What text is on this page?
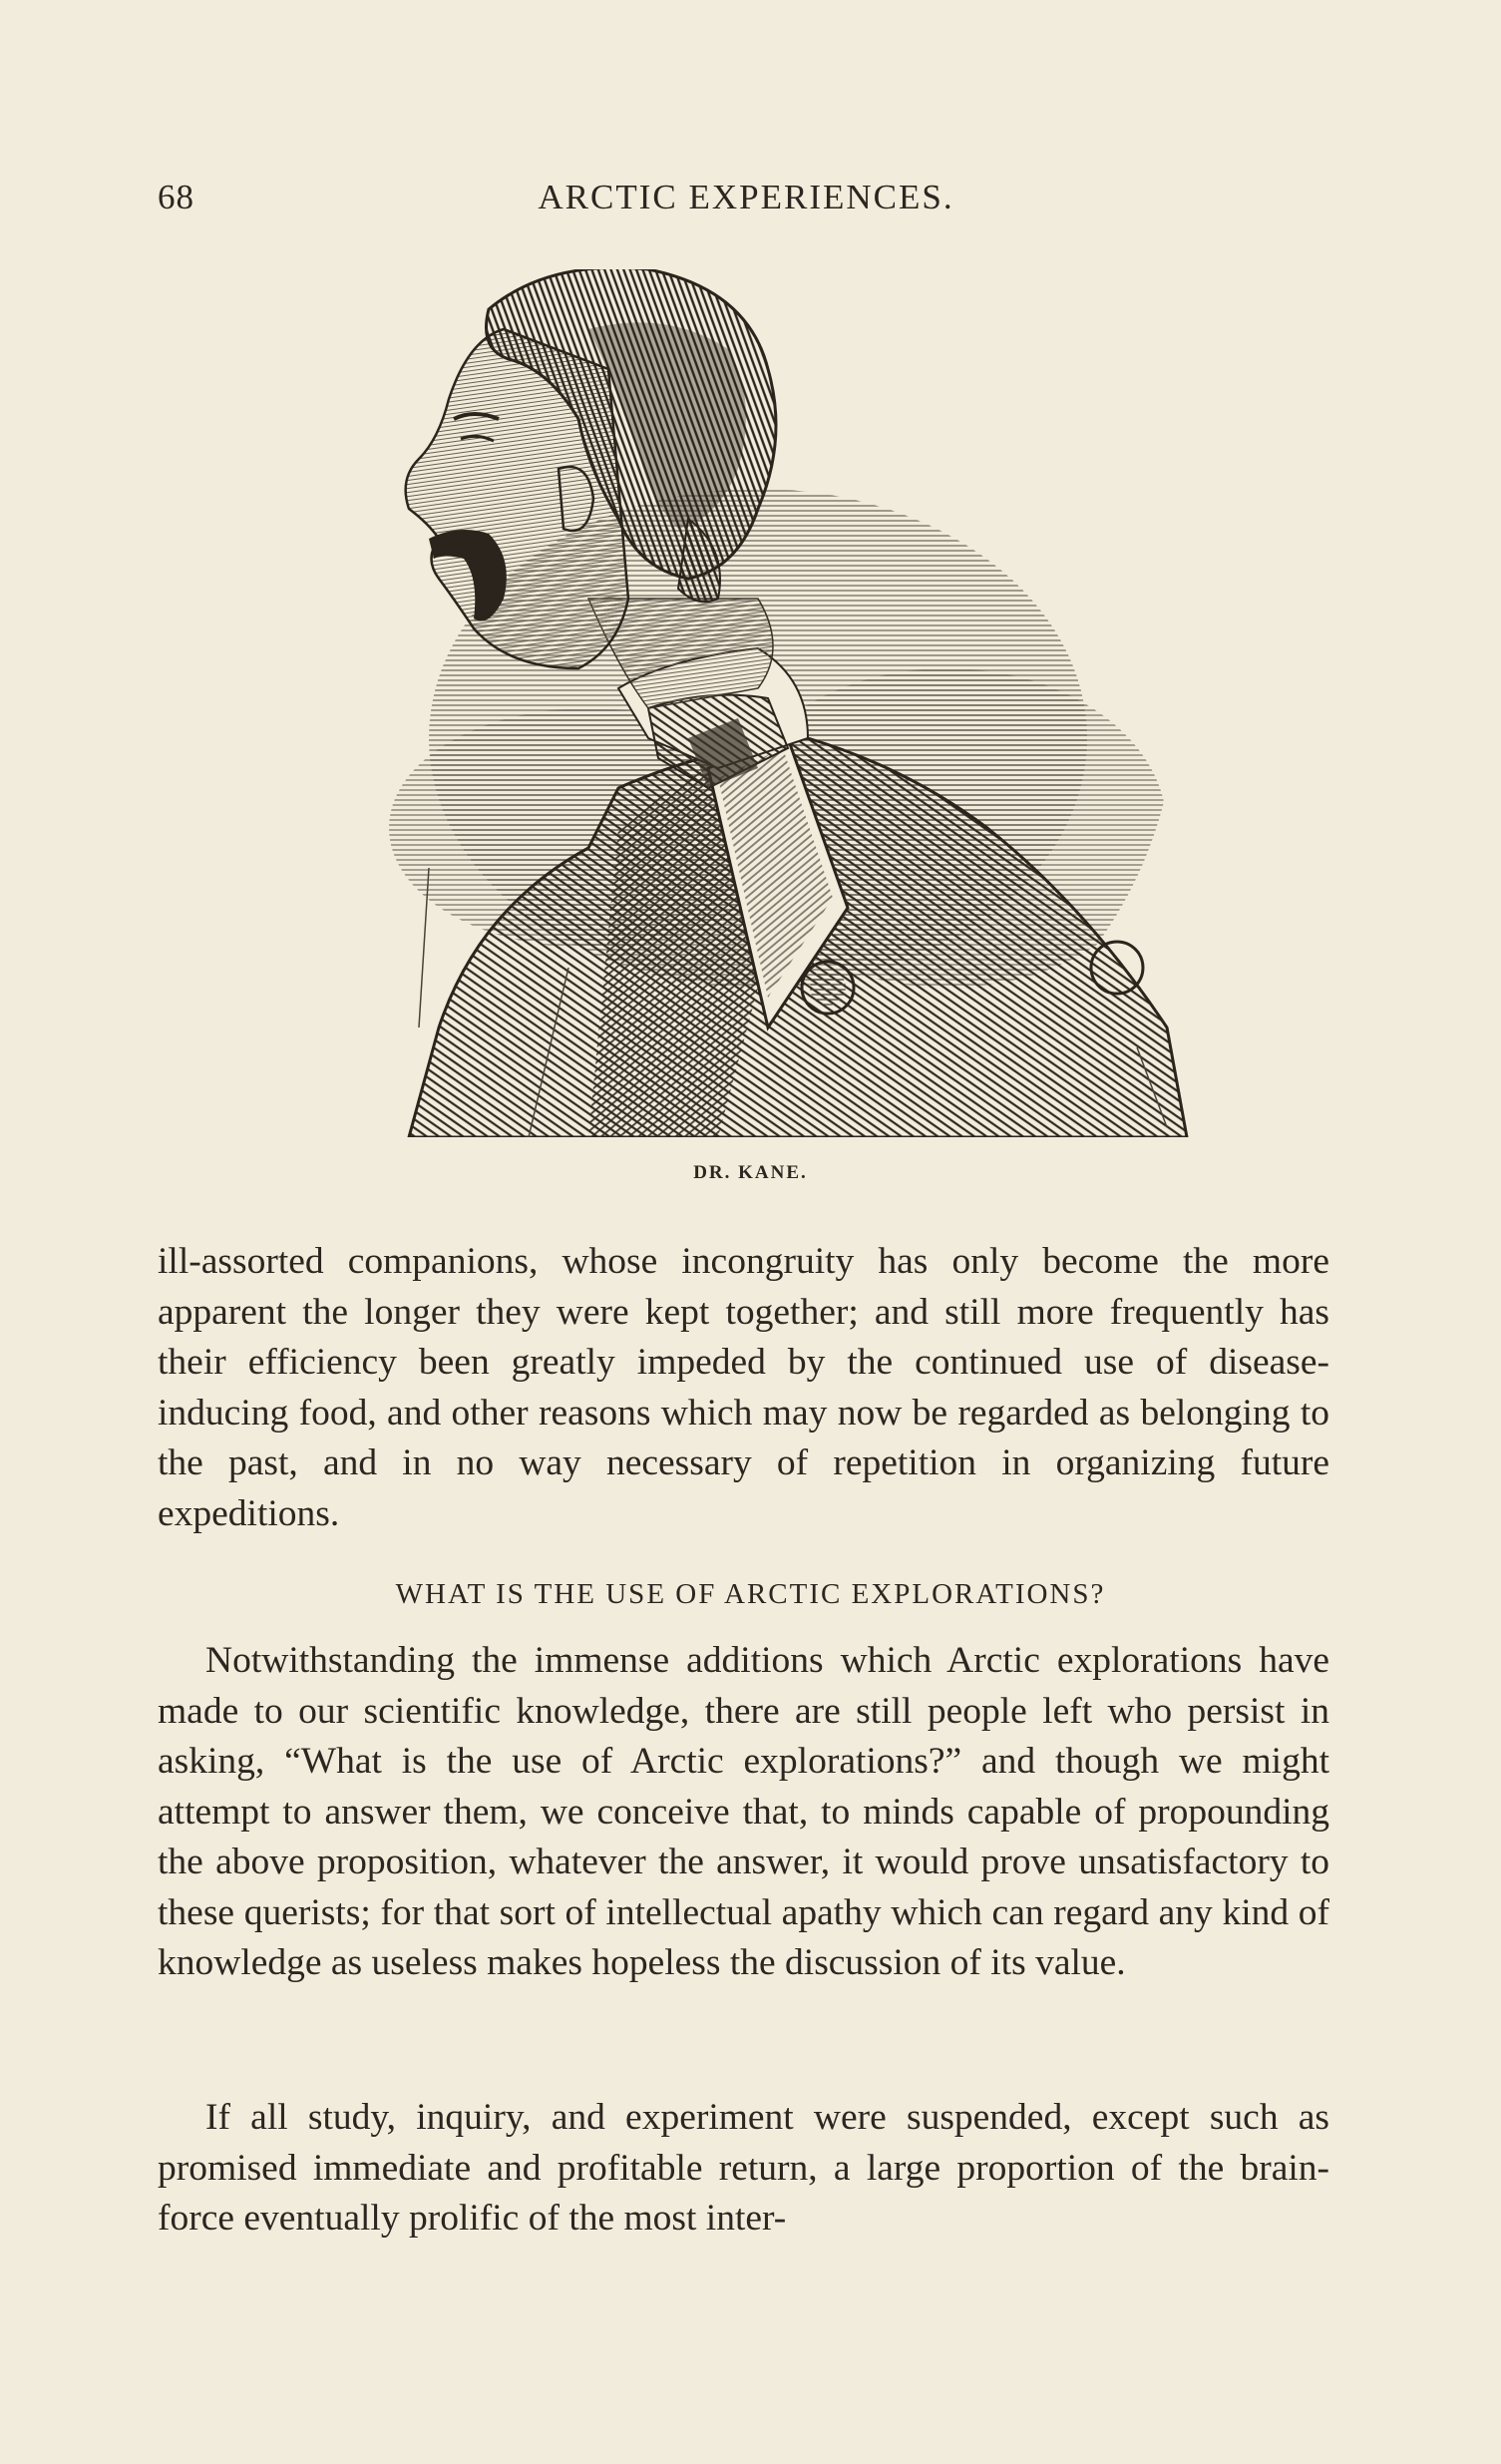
68	ARCTIC EXPERIENCES.
DR. KANE.

ill-assorted companions, whose incongruity has only become the more apparent the longer they were kept together; and still more frequently has their efficiency been greatly impeded by the continued use of disease-inducing food, and other reasons which may now be regarded as belonging to the past, and in no way necessary of repetition in organizing future expeditions.

WHAT IS THE USE OF ARCTIC EXPLORATIONS?

Notwithstanding the immense additions which Arctic explorations have made to our scientific knowledge, there are still people left who persist in asking, “What is the use of Arctic explorations?” and though we might attempt to answer them, we conceive that, to minds capable of propounding the above proposition, whatever the answer, it would prove unsatisfactory to these querists; for that sort of intellectual apathy which can regard any kind of knowledge as useless makes hopeless the discussion of its value.

If all study, inquiry, and experiment were suspended, except such as promised immediate and profitable return, a large proportion of the brain-force eventually prolific of the most inter-
